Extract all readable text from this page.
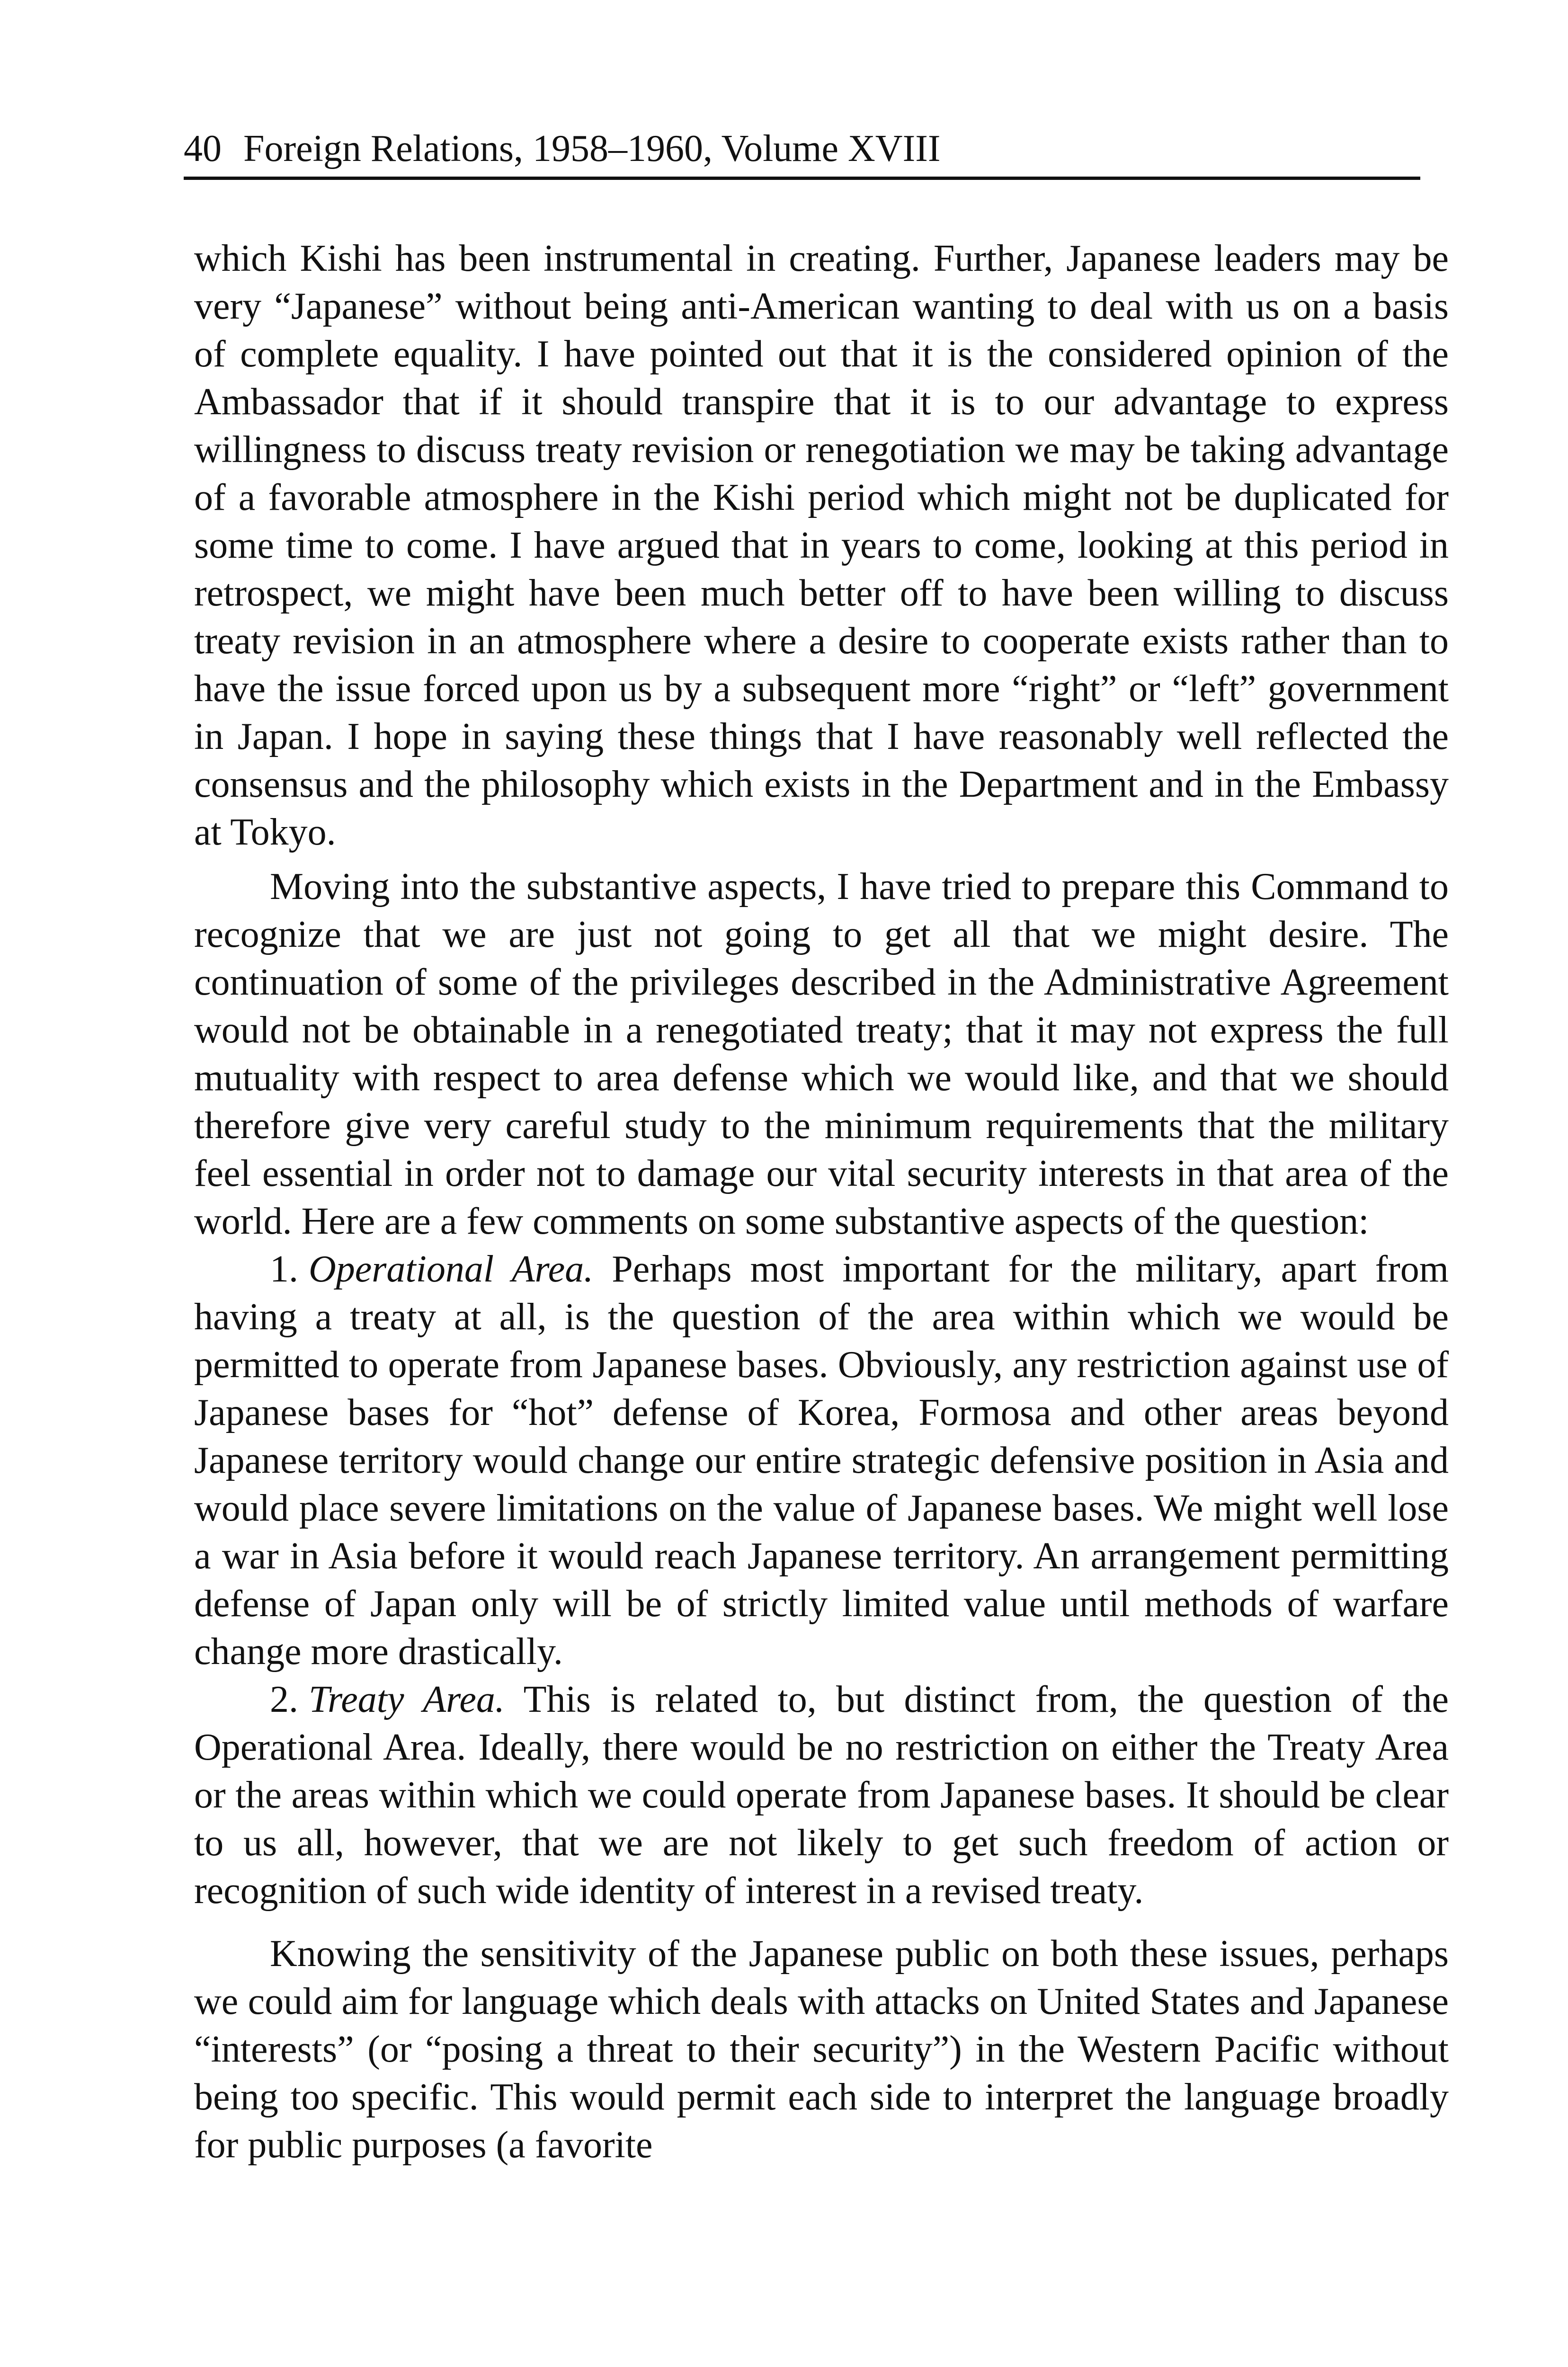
40 Foreign Relations, 1958–1960, Volume XVIII

which Kishi has been instrumental in creating. Further, Japanese leaders may be very “Japanese” without being anti-American wanting to deal with us on a basis of complete equality. I have pointed out that it is the considered opinion of the Ambassador that if it should transpire that it is to our advantage to express willingness to discuss treaty revision or renegotiation we may be taking advantage of a favorable atmosphere in the Kishi period which might not be duplicated for some time to come. I have argued that in years to come, looking at this period in retrospect, we might have been much better off to have been willing to discuss treaty revision in an atmosphere where a desire to cooperate exists rather than to have the issue forced upon us by a subsequent more “right” or “left” government in Japan. I hope in saying these things that I have reasonably well reflected the consensus and the philosophy which exists in the Department and in the Embassy at Tokyo.

Moving into the substantive aspects, I have tried to prepare this Command to recognize that we are just not going to get all that we might desire. The continuation of some of the privileges described in the Administrative Agreement would not be obtainable in a renegotiated treaty; that it may not express the full mutuality with respect to area defense which we would like, and that we should therefore give very careful study to the minimum requirements that the military feel essential in order not to damage our vital security interests in that area of the world. Here are a few comments on some substantive aspects of the question:

1. Operational Area. Perhaps most important for the military, apart from having a treaty at all, is the question of the area within which we would be permitted to operate from Japanese bases. Obviously, any restriction against use of Japanese bases for “hot” defense of Korea, Formosa and other areas beyond Japanese territory would change our entire strategic defensive position in Asia and would place severe limitations on the value of Japanese bases. We might well lose a war in Asia before it would reach Japanese territory. An arrangement permitting defense of Japan only will be of strictly limited value until methods of warfare change more drastically.

2. Treaty Area. This is related to, but distinct from, the question of the Operational Area. Ideally, there would be no restriction on either the Treaty Area or the areas within which we could operate from Japanese bases. It should be clear to us all, however, that we are not likely to get such freedom of action or recognition of such wide identity of interest in a revised treaty.

Knowing the sensitivity of the Japanese public on both these issues, perhaps we could aim for language which deals with attacks on United States and Japanese “interests” (or “posing a threat to their security”) in the Western Pacific without being too specific. This would permit each side to interpret the language broadly for public purposes (a favorite
